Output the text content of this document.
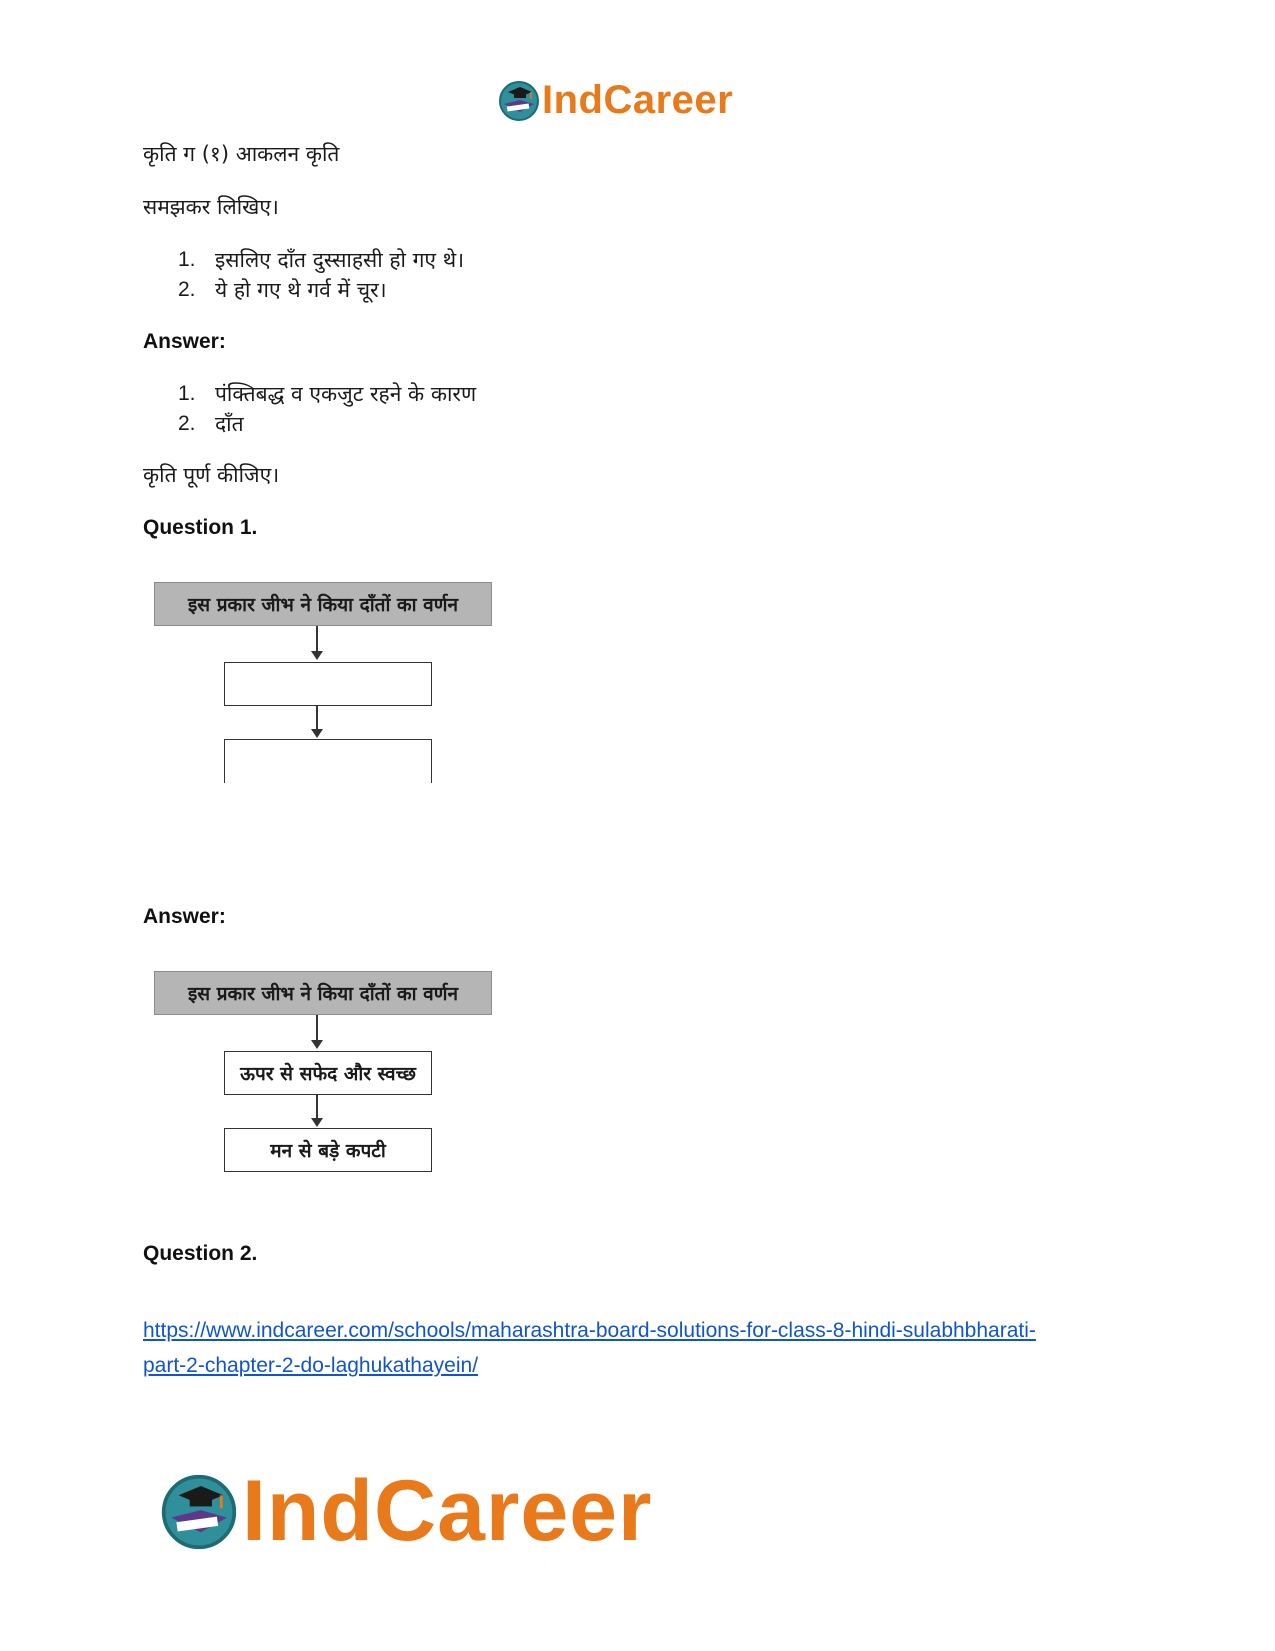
IndCareer
कृति ग (१) आकलन कृति
समझकर लिखिए।
1. इसलिए दाँत दुस्साहसी हो गए थे।
2. ये हो गए थे गर्व में चूर।
Answer:
1. पंक्तिबद्ध व एकजुट रहने के कारण
2. दाँत
कृति पूर्ण कीजिए।
Question 1.
इस प्रकार जीभ ने किया दाँतों का वर्णन
Answer:
इस प्रकार जीभ ने किया दाँतों का वर्णन
ऊपर से सफेद और स्वच्छ
मन से बड़े कपटी
Question 2.
https://www.indcareer.com/schools/maharashtra-board-solutions-for-class-8-hindi-sulabhbharati-
part-2-chapter-2-do-laghukathayein/
IndCareer
